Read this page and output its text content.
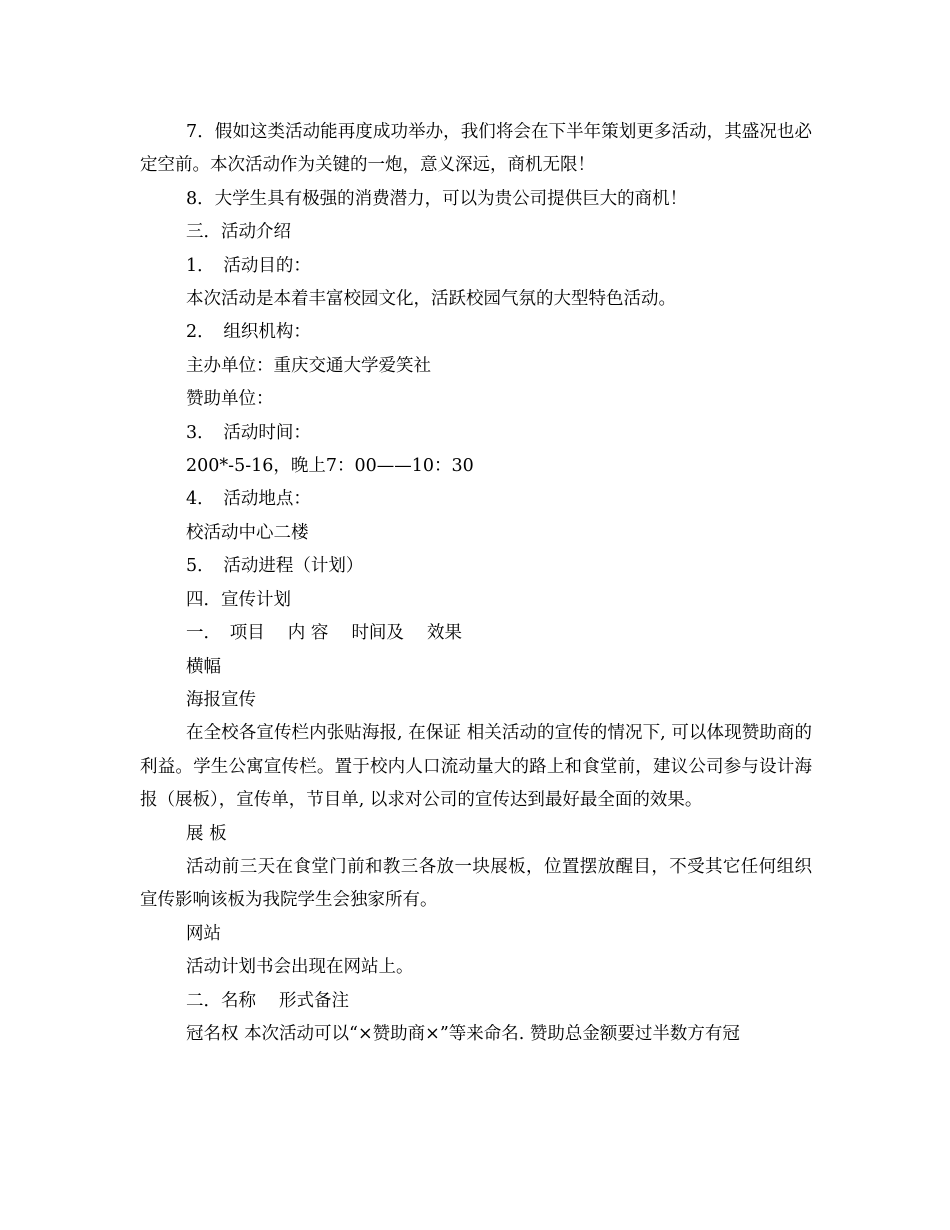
7．假如这类活动能再度成功举办，我们将会在下半年策划更多活动，其盛况也必定空前。本次活动作为关键的一炮，意义深远，商机无限！

8．大学生具有极强的消费潜力，可以为贵公司提供巨大的商机！

三．活动介绍

1．　活动目的：

本次活动是本着丰富校园文化，活跃校园气氛的大型特色活动。

2．　组织机构：

主办单位：重庆交通大学爱笑社

赞助单位：

3．　活动时间：

200*-5-16，晚上7：00——10：30

4．　活动地点：

校活动中心二楼

5．　活动进程（计划）

四．宣传计划

一．　项目　 内 容　 时间及　 效果

横幅

海报宣传

在全校各宣传栏内张贴海报, 在保证 相关活动的宣传的情况下, 可以体现赞助商的利益。学生公寓宣传栏。置于校内人口流动量大的路上和食堂前，建议公司参与设计海报（展板），宣传单，节目单, 以求对公司的宣传达到最好最全面的效果。

展 板

活动前三天在食堂门前和教三各放一块展板，位置摆放醒目，不受其它任何组织宣传影响该板为我院学生会独家所有。

网站

活动计划书会出现在网站上。

二．名称　 形式备注

冠名权 本次活动可以“×赞助商×”等来命名. 赞助总金额要过半数方有冠
